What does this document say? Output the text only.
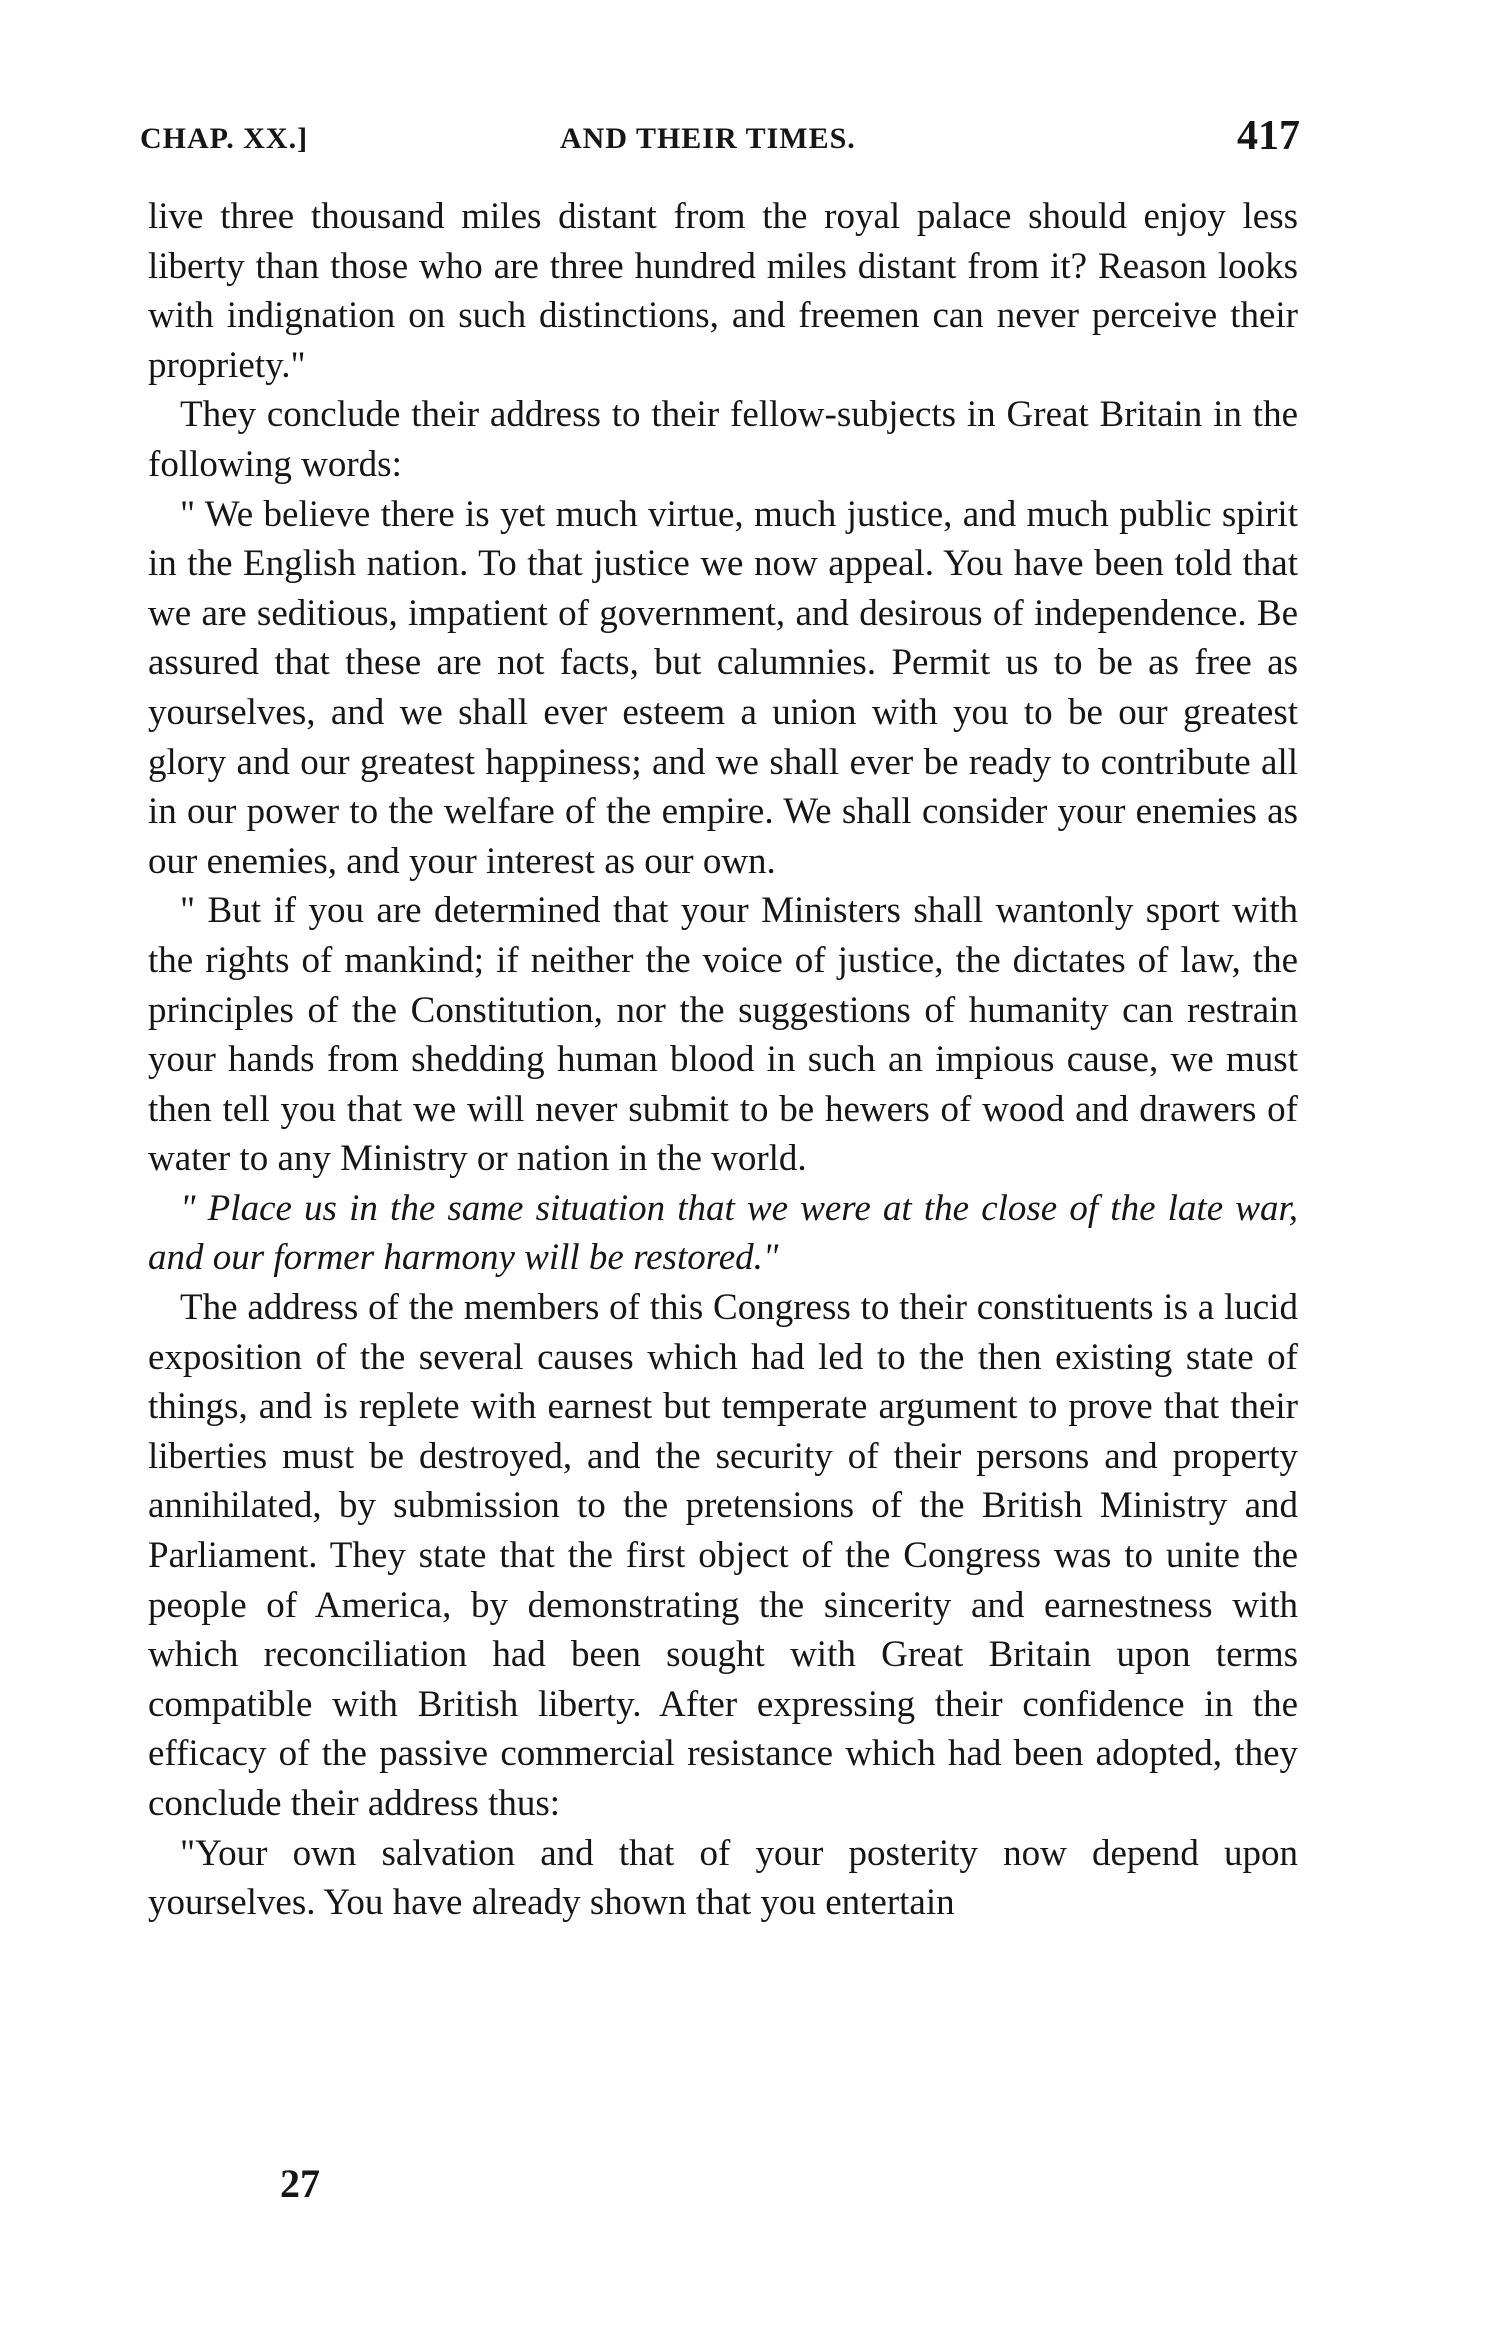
CHAP. XX.]	AND THEIR TIMES.	417

live three thousand miles distant from the royal palace should enjoy less liberty than those who are three hundred miles distant from it? Reason looks with indignation on such distinctions, and freemen can never perceive their propriety."

They conclude their address to their fellow-subjects in Great Britain in the following words:

" We believe there is yet much virtue, much justice, and much public spirit in the English nation. To that justice we now appeal. You have been told that we are seditious, impatient of government, and desirous of independence. Be assured that these are not facts, but calumnies. Permit us to be as free as yourselves, and we shall ever esteem a union with you to be our greatest glory and our greatest happiness; and we shall ever be ready to contribute all in our power to the welfare of the empire. We shall consider your enemies as our enemies, and your interest as our own.

" But if you are determined that your Ministers shall wantonly sport with the rights of mankind; if neither the voice of justice, the dictates of law, the principles of the Constitution, nor the suggestions of humanity can restrain your hands from shedding human blood in such an impious cause, we must then tell you that we will never submit to be hewers of wood and drawers of water to any Ministry or nation in the world.

" Place us in the same situation that we were at the close of the late war, and our former harmony will be restored."

The address of the members of this Congress to their constituents is a lucid exposition of the several causes which had led to the then existing state of things, and is replete with earnest but temperate argument to prove that their liberties must be destroyed, and the security of their persons and property annihilated, by submission to the pretensions of the British Ministry and Parliament. They state that the first object of the Congress was to unite the people of America, by demonstrating the sincerity and earnestness with which reconciliation had been sought with Great Britain upon terms compatible with British liberty. After expressing their confidence in the efficacy of the passive commercial resistance which had been adopted, they conclude their address thus:

"Your own salvation and that of your posterity now depend upon yourselves. You have already shown that you entertain

27
